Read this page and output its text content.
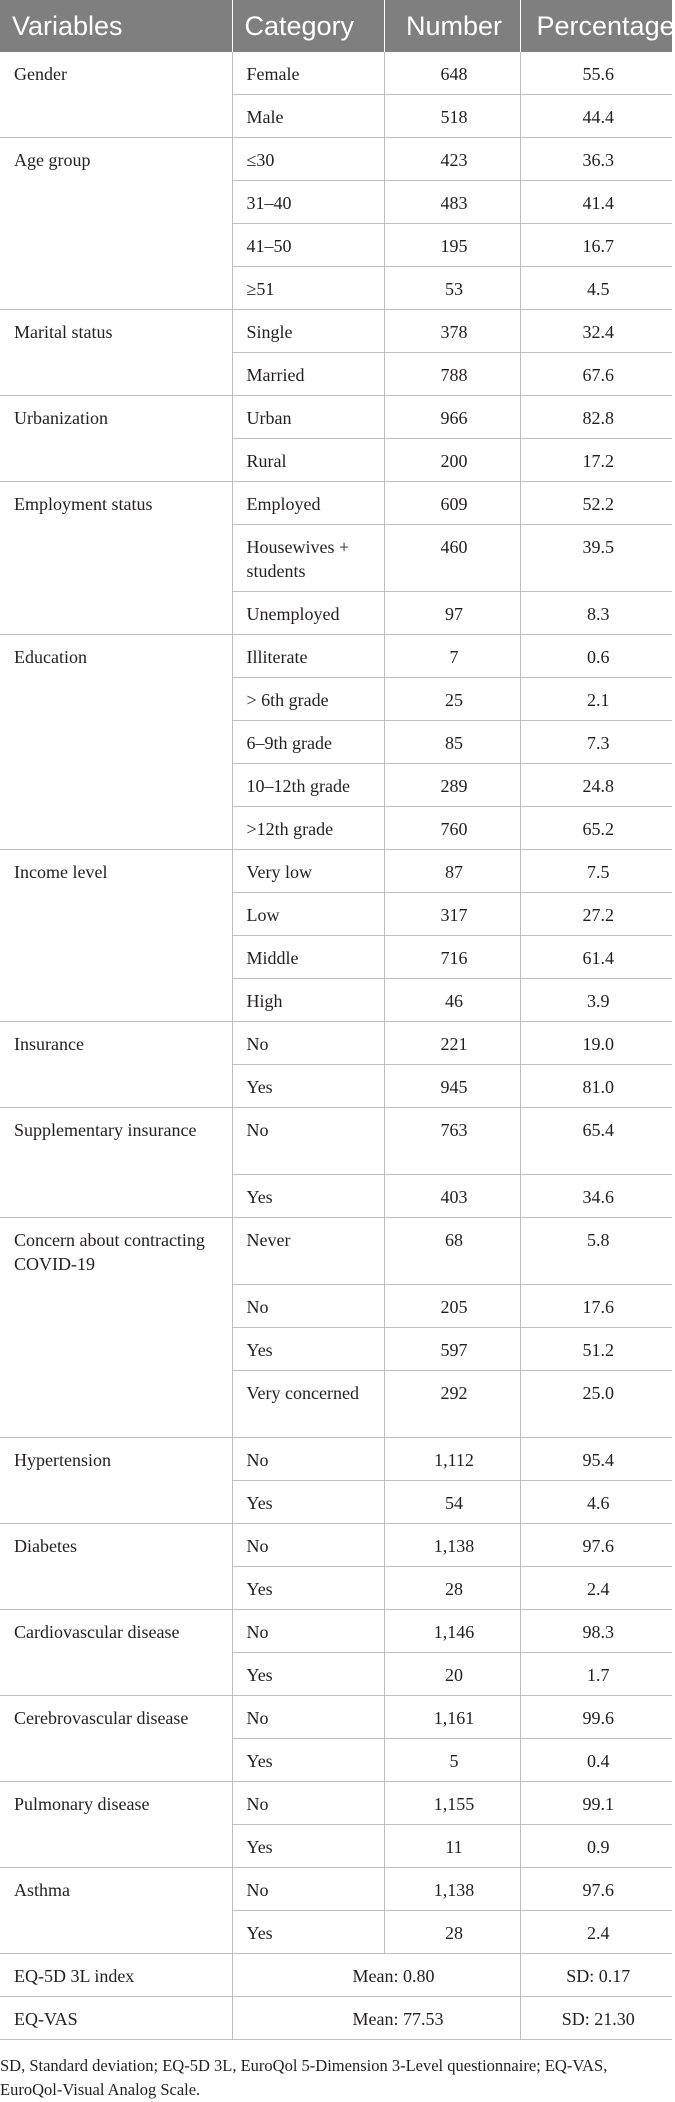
Variables	Category	Number	Percentage
Gender	Female	648	55.6
	Male	518	44.4
Age group	≤30	423	36.3
	31–40	483	41.4
	41–50	195	16.7
	≥51	53	4.5
Marital status	Single	378	32.4
	Married	788	67.6
Urbanization	Urban	966	82.8
	Rural	200	17.2
Employment status	Employed	609	52.2
	Housewives + students	460	39.5
	Unemployed	97	8.3
Education	Illiterate	7	0.6
	> 6th grade	25	2.1
	6–9th grade	85	7.3
	10–12th grade	289	24.8
	>12th grade	760	65.2
Income level	Very low	87	7.5
	Low	317	27.2
	Middle	716	61.4
	High	46	3.9
Insurance	No	221	19.0
	Yes	945	81.0
Supplementary insurance	No	763	65.4
	Yes	403	34.6
Concern about contracting COVID-19	Never	68	5.8
	No	205	17.6
	Yes	597	51.2
	Very concerned	292	25.0
Hypertension	No	1,112	95.4
	Yes	54	4.6
Diabetes	No	1,138	97.6
	Yes	28	2.4
Cardiovascular disease	No	1,146	98.3
	Yes	20	1.7
Cerebrovascular disease	No	1,161	99.6
	Yes	5	0.4
Pulmonary disease	No	1,155	99.1
	Yes	11	0.9
Asthma	No	1,138	97.6
	Yes	28	2.4
EQ-5D 3L index	Mean: 0.80		SD: 0.17
EQ-VAS	Mean: 77.53		SD: 21.30
SD, Standard deviation; EQ-5D 3L, EuroQol 5-Dimension 3-Level questionnaire; EQ-VAS, EuroQol-Visual Analog Scale.
